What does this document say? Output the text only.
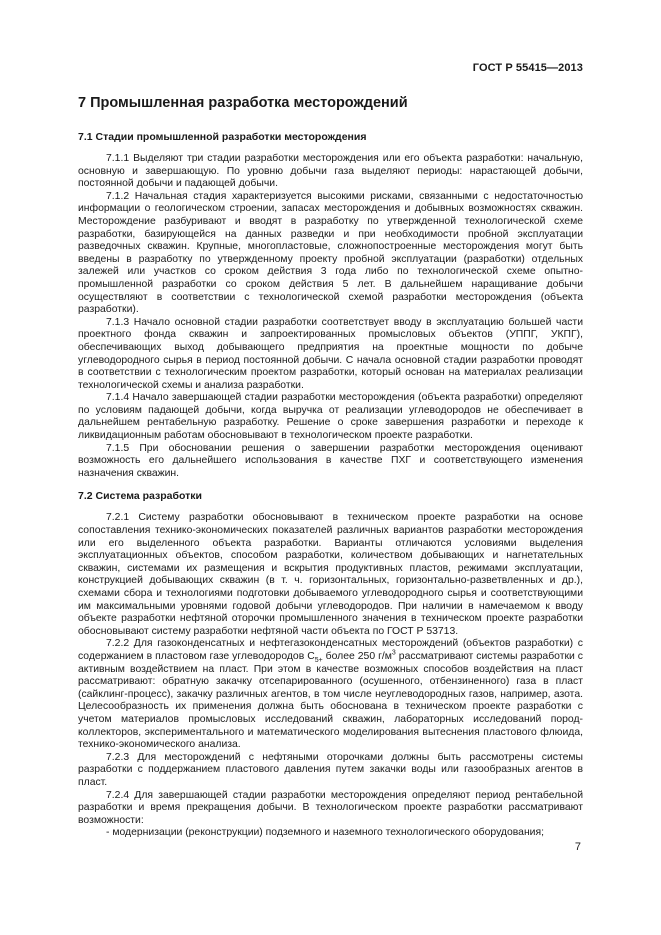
ГОСТ Р 55415—2013
7 Промышленная разработка месторождений
7.1 Стадии промышленной разработки месторождения

7.1.1 Выделяют три стадии разработки месторождения или его объекта разработки: начальную, основную и завершающую. По уровню добычи газа выделяют периоды: нарастающей добычи, постоянной добычи и падающей добычи.

7.1.2 Начальная стадия характеризуется высокими рисками, связанными с недостаточностью информации о геологическом строении, запасах месторождения и добывных возможностях скважин. Месторождение разбуривают и вводят в разработку по утвержденной технологической схеме разработки, базирующейся на данных разведки и при необходимости пробной эксплуатации разведочных скважин. Крупные, многопластовые, сложнопостроенные месторождения могут быть введены в разработку по утвержденному проекту пробной эксплуатации (разработки) отдельных залежей или участков со сроком действия 3 года либо по технологической схеме опытно-промышленной разработки со сроком действия 5 лет. В дальнейшем наращивание добычи осуществляют в соответствии с технологической схемой разработки месторождения (объекта разработки).

7.1.3 Начало основной стадии разработки соответствует вводу в эксплуатацию большей части проектного фонда скважин и запроектированных промысловых объектов (УППГ, УКПГ), обеспечивающих выход добывающего предприятия на проектные мощности по добыче углеводородного сырья в период постоянной добычи. С начала основной стадии разработки проводят в соответствии с технологическим проектом разработки, который основан на материалах реализации технологической схемы и анализа разработки.

7.1.4 Начало завершающей стадии разработки месторождения (объекта разработки) определяют по условиям падающей добычи, когда выручка от реализации углеводородов не обеспечивает в дальнейшем рентабельную разработку. Решение о сроке завершения разработки и переходе к ликвидационным работам обосновывают в технологическом проекте разработки.

7.1.5 При обосновании решения о завершении разработки месторождения оценивают возможность его дальнейшего использования в качестве ПХГ и соответствующего изменения назначения скважин.

7.2 Система разработки

7.2.1 Систему разработки обосновывают в техническом проекте разработки на основе сопоставления технико-экономических показателей различных вариантов разработки месторождения или его выделенного объекта разработки. Варианты отличаются условиями выделения эксплуатационных объектов, способом разработки, количеством добывающих и нагнетательных скважин, системами их размещения и вскрытия продуктивных пластов, режимами эксплуатации, конструкцией добывающих скважин (в т. ч. горизонтальных, горизонтально-разветвленных и др.), схемами сбора и технологиями подготовки добываемого углеводородного сырья и соответствующими им максимальными уровнями годовой добычи углеводородов. При наличии в намечаемом к вводу объекте разработки нефтяной оторочки промышленного значения в техническом проекте разработки обосновывают систему разработки нефтяной части объекта по ГОСТ Р 53713.

7.2.2 Для газоконденсатных и нефтегазоконденсатных месторождений (объектов разработки) с содержанием в пластовом газе углеводородов $C_{5+}$ более 250 $г/м^3$ рассматривают системы разработки с активным воздействием на пласт. При этом в качестве возможных способов воздействия на пласт рассматривают: обратную закачку отсепарированного (осушенного, отбензиненного) газа в пласт (сайклинг-процесс), закачку различных агентов, в том числе неуглеводородных газов, например, азота. Целесообразность их применения должна быть обоснована в техническом проекте разработки с учетом материалов промысловых исследований скважин, лабораторных исследований пород-коллекторов, экспериментального и математического моделирования вытеснения пластового флюида, технико-экономического анализа.

7.2.3 Для месторождений с нефтяными оторочками должны быть рассмотрены системы разработки с поддержанием пластового давления путем закачки воды или газообразных агентов в пласт.

7.2.4 Для завершающей стадии разработки месторождения определяют период рентабельной разработки и время прекращения добычи. В технологическом проекте разработки рассматривают возможности:

- модернизации (реконструкции) подземного и наземного технологического оборудования;

7
